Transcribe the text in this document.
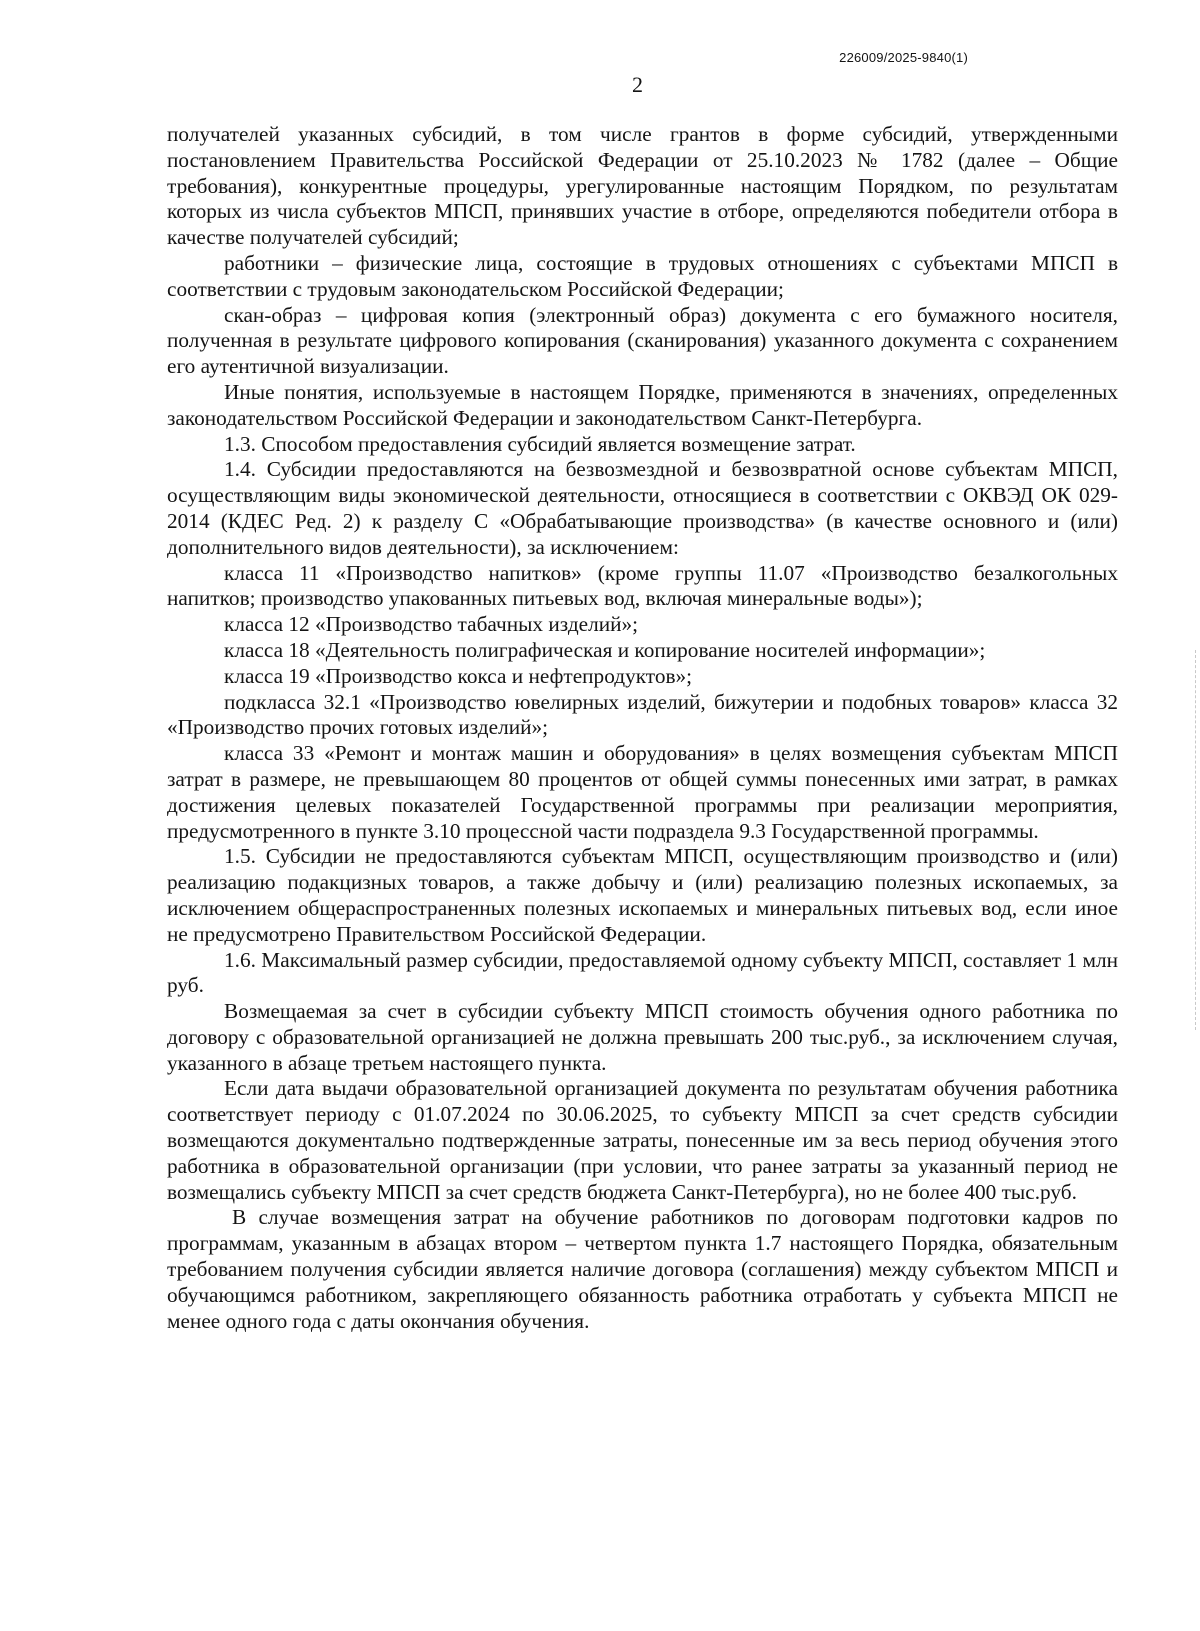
226009/2025-9840(1)
2

получателей указанных субсидий, в том числе грантов в форме субсидий, утвержденными постановлением Правительства Российской Федерации от 25.10.2023 № 1782 (далее – Общие требования), конкурентные процедуры, урегулированные настоящим Порядком, по результатам которых из числа субъектов МПСП, принявших участие в отборе, определяются победители отбора в качестве получателей субсидий;

работники – физические лица, состоящие в трудовых отношениях с субъектами МПСП в соответствии с трудовым законодательском Российской Федерации;

скан-образ – цифровая копия (электронный образ) документа с его бумажного носителя, полученная в результате цифрового копирования (сканирования) указанного документа с сохранением его аутентичной визуализации.

Иные понятия, используемые в настоящем Порядке, применяются в значениях, определенных законодательством Российской Федерации и законодательством Санкт-Петербурга.

1.3. Способом предоставления субсидий является возмещение затрат.

1.4. Субсидии предоставляются на безвозмездной и безвозвратной основе субъектам МПСП, осуществляющим виды экономической деятельности, относящиеся в соответствии с ОКВЭД ОК 029-2014 (КДЕС Ред. 2) к разделу С «Обрабатывающие производства» (в качестве основного и (или) дополнительного видов деятельности), за исключением:

класса 11 «Производство напитков» (кроме группы 11.07 «Производство безалкогольных напитков; производство упакованных питьевых вод, включая минеральные воды»);

класса 12 «Производство табачных изделий»;

класса 18 «Деятельность полиграфическая и копирование носителей информации»;

класса 19 «Производство кокса и нефтепродуктов»;

подкласса 32.1 «Производство ювелирных изделий, бижутерии и подобных товаров» класса 32 «Производство прочих готовых изделий»;

класса 33 «Ремонт и монтаж машин и оборудования» в целях возмещения субъектам МПСП затрат в размере, не превышающем 80 процентов от общей суммы понесенных ими затрат, в рамках достижения целевых показателей Государственной программы при реализации мероприятия, предусмотренного в пункте 3.10 процессной части подраздела 9.3 Государственной программы.

1.5. Субсидии не предоставляются субъектам МПСП, осуществляющим производство и (или) реализацию подакцизных товаров, а также добычу и (или) реализацию полезных ископаемых, за исключением общераспространенных полезных ископаемых и минеральных питьевых вод, если иное не предусмотрено Правительством Российской Федерации.

1.6. Максимальный размер субсидии, предоставляемой одному субъекту МПСП, составляет 1 млн руб.

Возмещаемая за счет в субсидии субъекту МПСП стоимость обучения одного работника по договору с образовательной организацией не должна превышать 200 тыс.руб., за исключением случая, указанного в абзаце третьем настоящего пункта.

Если дата выдачи образовательной организацией документа по результатам обучения работника соответствует периоду с 01.07.2024 по 30.06.2025, то субъекту МПСП за счет средств субсидии возмещаются документально подтвержденные затраты, понесенные им за весь период обучения этого работника в образовательной организации (при условии, что ранее затраты за указанный период не возмещались субъекту МПСП за счет средств бюджета Санкт-Петербурга), но не более 400 тыс.руб.

В случае возмещения затрат на обучение работников по договорам подготовки кадров по программам, указанным в абзацах втором – четвертом пункта 1.7 настоящего Порядка, обязательным требованием получения субсидии является наличие договора (соглашения) между субъектом МПСП и обучающимся работником, закрепляющего обязанность работника отработать у субъекта МПСП не менее одного года с даты окончания обучения.
